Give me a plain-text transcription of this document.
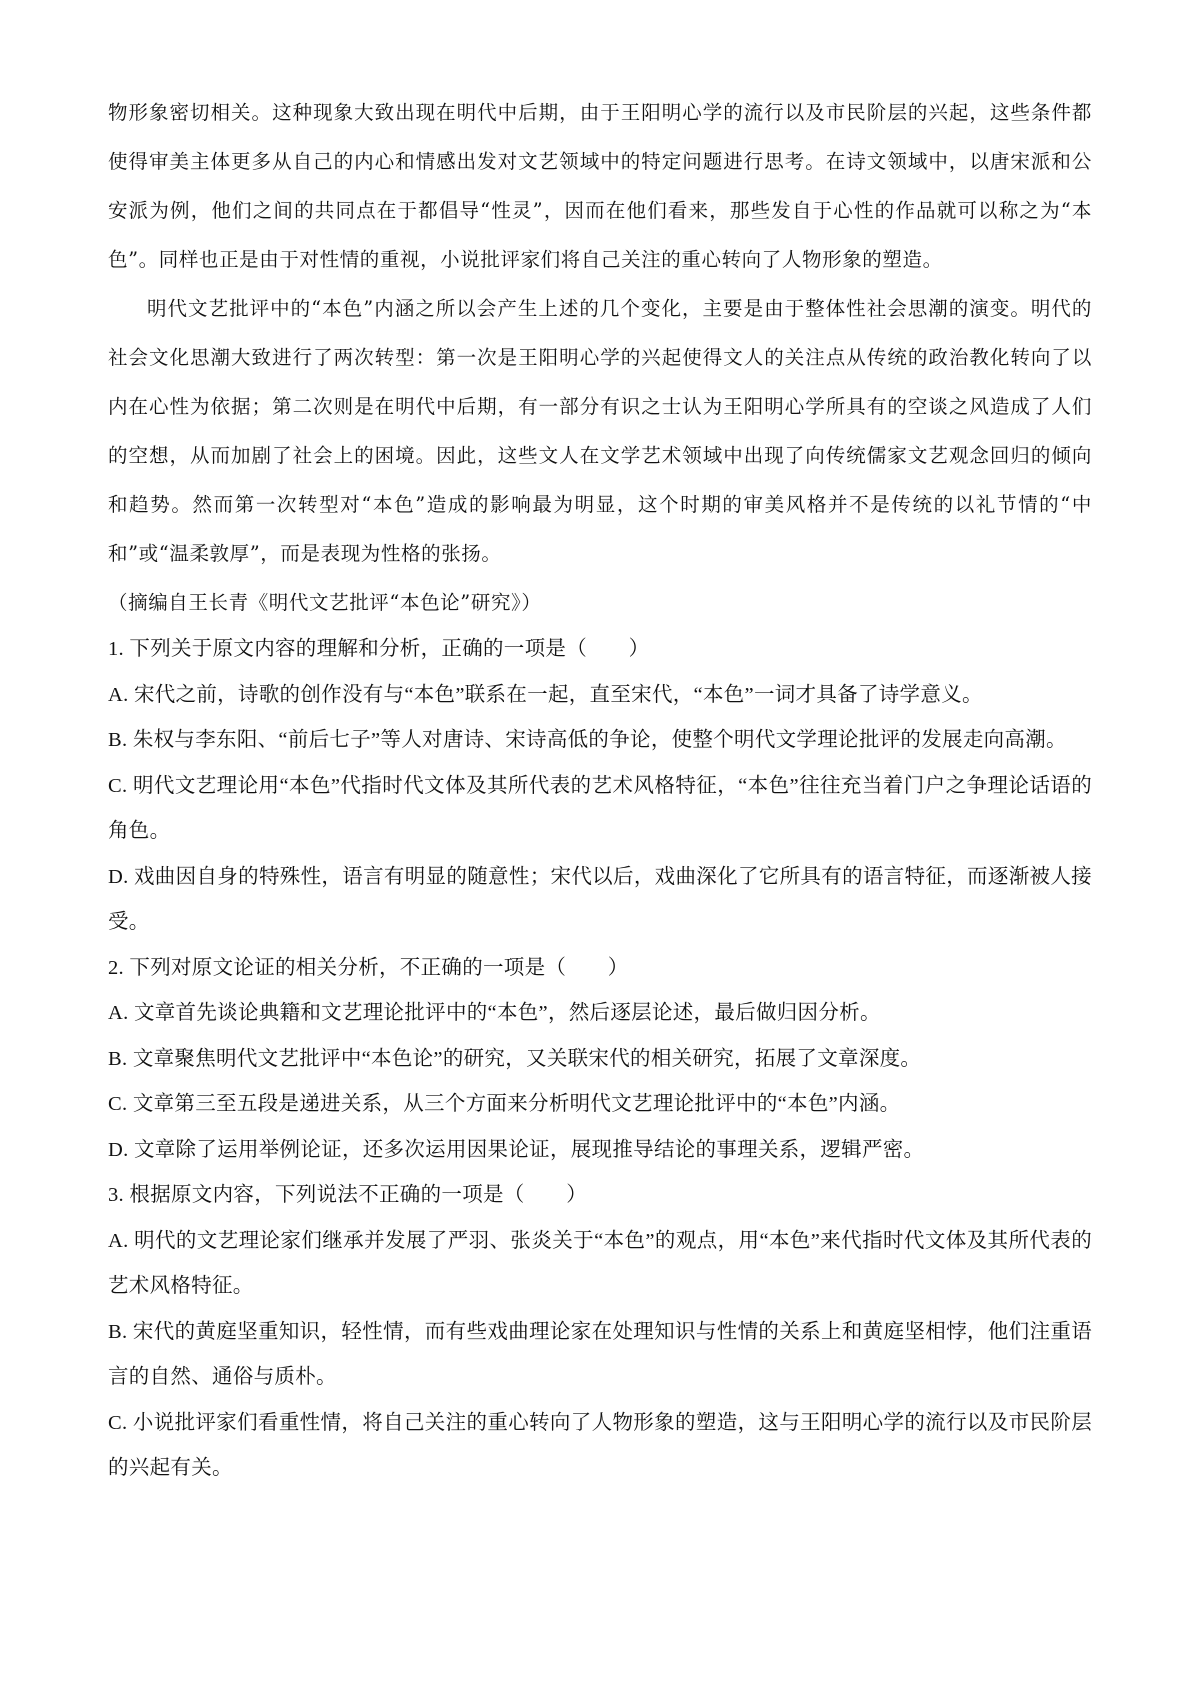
物形象密切相关。这种现象大致出现在明代中后期，由于王阳明心学的流行以及市民阶层的兴起，这些条件都使得审美主体更多从自己的内心和情感出发对文艺领域中的特定问题进行思考。在诗文领域中，以唐宋派和公安派为例，他们之间的共同点在于都倡导“性灵”，因而在他们看来，那些发自于心性的作品就可以称之为“本色”。同样也正是由于对性情的重视，小说批评家们将自己关注的重心转向了人物形象的塑造。

明代文艺批评中的“本色”内涵之所以会产生上述的几个变化，主要是由于整体性社会思潮的演变。明代的社会文化思潮大致进行了两次转型：第一次是王阳明心学的兴起使得文人的关注点从传统的政治教化转向了以内在心性为依据；第二次则是在明代中后期，有一部分有识之士认为王阳明心学所具有的空谈之风造成了人们的空想，从而加剧了社会上的困境。因此，这些文人在文学艺术领域中出现了向传统儒家文艺观念回归的倾向和趋势。然而第一次转型对“本色”造成的影响最为明显，这个时期的审美风格并不是传统的以礼节情的“中和”或“温柔敦厚”，而是表现为性格的张扬。

（摘编自王长青《明代文艺批评“本色论”研究》）

1. 下列关于原文内容的理解和分析，正确的一项是（　　）

A. 宋代之前，诗歌的创作没有与“本色”联系在一起，直至宋代，“本色”一词才具备了诗学意义。

B. 朱权与李东阳、“前后七子”等人对唐诗、宋诗高低的争论，使整个明代文学理论批评的发展走向高潮。

C. 明代文艺理论用“本色”代指时代文体及其所代表的艺术风格特征，“本色”往往充当着门户之争理论话语的角色。

D. 戏曲因自身的特殊性，语言有明显的随意性；宋代以后，戏曲深化了它所具有的语言特征，而逐渐被人接受。

2. 下列对原文论证的相关分析，不正确的一项是（　　）

A. 文章首先谈论典籍和文艺理论批评中的“本色”，然后逐层论述，最后做归因分析。

B. 文章聚焦明代文艺批评中“本色论”的研究，又关联宋代的相关研究，拓展了文章深度。

C. 文章第三至五段是递进关系，从三个方面来分析明代文艺理论批评中的“本色”内涵。

D. 文章除了运用举例论证，还多次运用因果论证，展现推导结论的事理关系，逻辑严密。

3. 根据原文内容，下列说法不正确的一项是（　　）

A. 明代的文艺理论家们继承并发展了严羽、张炎关于“本色”的观点，用“本色”来代指时代文体及其所代表的艺术风格特征。

B. 宋代的黄庭坚重知识，轻性情，而有些戏曲理论家在处理知识与性情的关系上和黄庭坚相悖，他们注重语言的自然、通俗与质朴。

C. 小说批评家们看重性情，将自己关注的重心转向了人物形象的塑造，这与王阳明心学的流行以及市民阶层的兴起有关。
